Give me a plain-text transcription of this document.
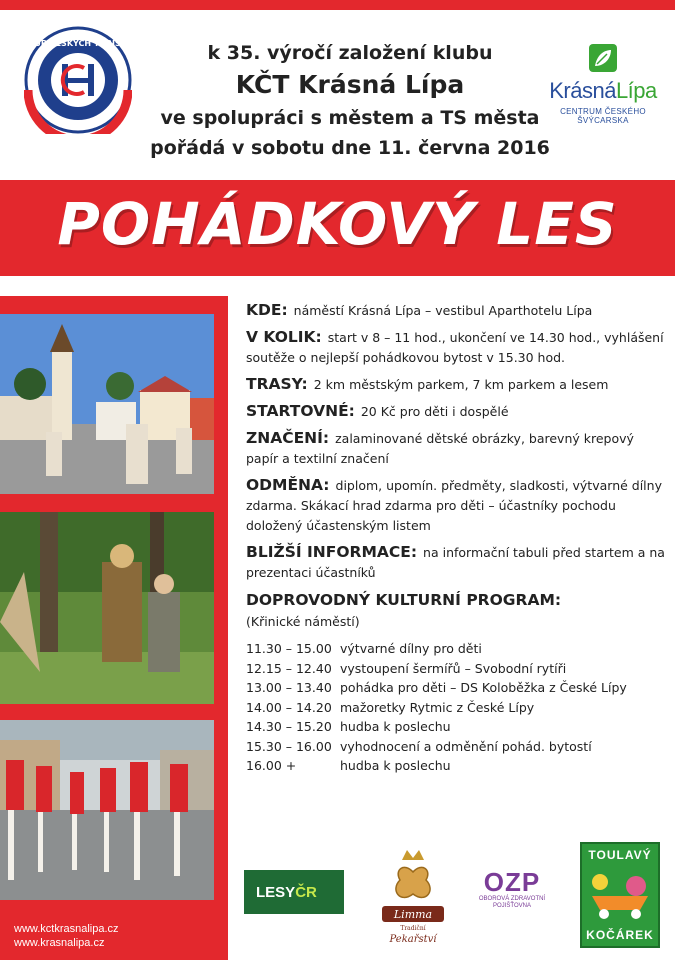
KLUB ČESKÝCH TURISTŮ	k 35. výročí založení klubu
KČT Krásná Lípa
ve spolupráci s městem a TS města
pořádá v sobotu dne 11. června 2016
KrásnáLípa
CENTRUM ČESKÉHO ŠVÝCARSKA
POHÁDKOVÝ LES
www.kctkrasnalipa.cz
www.krasnalipa.cz
KDE: náměstí Krásná Lípa – vestibul Aparthotelu Lípa
V KOLIK: start v 8 – 11 hod., ukončení ve 14.30 hod., vyhlášení soutěže o nejlepší pohádkovou bytost v 15.30 hod.
TRASY: 2 km městským parkem, 7 km parkem a lesem
STARTOVNÉ: 20 Kč pro děti i dospělé
ZNAČENÍ: zalaminované dětské obrázky, barevný krepový papír a textilní značení
ODMĚNA: diplom, upomín. předměty, sladkosti, výtvarné dílny zdarma. Skákací hrad zdarma pro děti – účastníky pochodu doložený účastenským listem
BLIŽŠÍ INFORMACE: na informační tabuli před startem a na prezentaci účastníků
DOPROVODNÝ KULTURNÍ PROGRAM:
(Křinické náměstí)
11.30 – 15.00 výtvarné dílny pro děti
12.15 – 12.40 vystoupení šermířů – Svobodní rytíři
13.00 – 13.40 pohádka pro děti – DS Koloběžka z České Lípy
14.00 – 14.20 mažoretky Rytmic z České Lípy
14.30 – 15.20 hudba k poslechu
15.30 – 16.00 vyhodnocení a odměnění pohád. bytostí
16.00 +	hudba k poslechu
LESY ČR
Limma
Tradiční
Pekařství
OZP
OBOROVÁ ZDRAVOTNÍ POJIŠŤOVNA
TOULAVÝ
KOČÁREK
